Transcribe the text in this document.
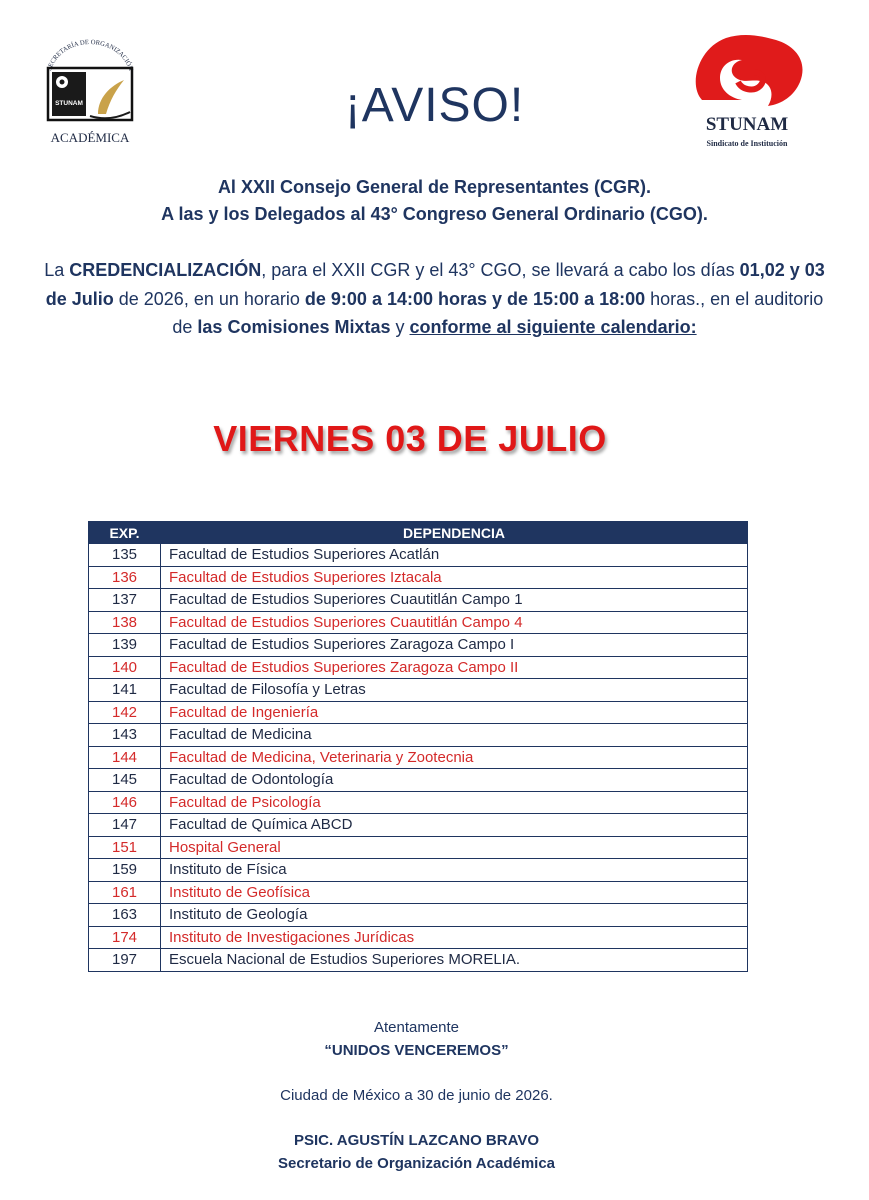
SECRETARÍA DE ORGANIZACIÓN
STUNAM
ACADÉMICA
STUNAM
Sindicato de Institución
¡AVISO!
Al XXII Consejo General de Representantes (CGR).
A las y los Delegados al 43° Congreso General Ordinario (CGO).
La CREDENCIALIZACIÓN, para el XXII CGR y el 43° CGO, se llevará a cabo los días 01,02 y 03 de Julio de 2026, en un horario de 9:00 a 14:00 horas y de 15:00 a 18:00 horas., en el auditorio de las Comisiones Mixtas y conforme al siguiente calendario:
VIERNES 03 DE JULIO
EXP.	DEPENDENCIA
135	Facultad de Estudios Superiores Acatlán
136	Facultad de Estudios Superiores Iztacala
137	Facultad de Estudios Superiores Cuautitlán Campo 1
138	Facultad de Estudios Superiores Cuautitlán Campo 4
139	Facultad de Estudios Superiores Zaragoza Campo I
140	Facultad de Estudios Superiores Zaragoza Campo II
141	Facultad de Filosofía y Letras
142	Facultad de Ingeniería
143	Facultad de Medicina
144	Facultad de Medicina, Veterinaria y Zootecnia
145	Facultad de Odontología
146	Facultad de Psicología
147	Facultad de Química ABCD
151	Hospital General
159	Instituto de Física
161	Instituto de Geofísica
163	Instituto de Geología
174	Instituto de Investigaciones Jurídicas
197	Escuela Nacional de Estudios Superiores MORELIA.
Atentamente
“UNIDOS VENCEREMOS”
Ciudad de México a 30 de junio de 2026.
PSIC. AGUSTÍN LAZCANO BRAVO
Secretario de Organización Académica
